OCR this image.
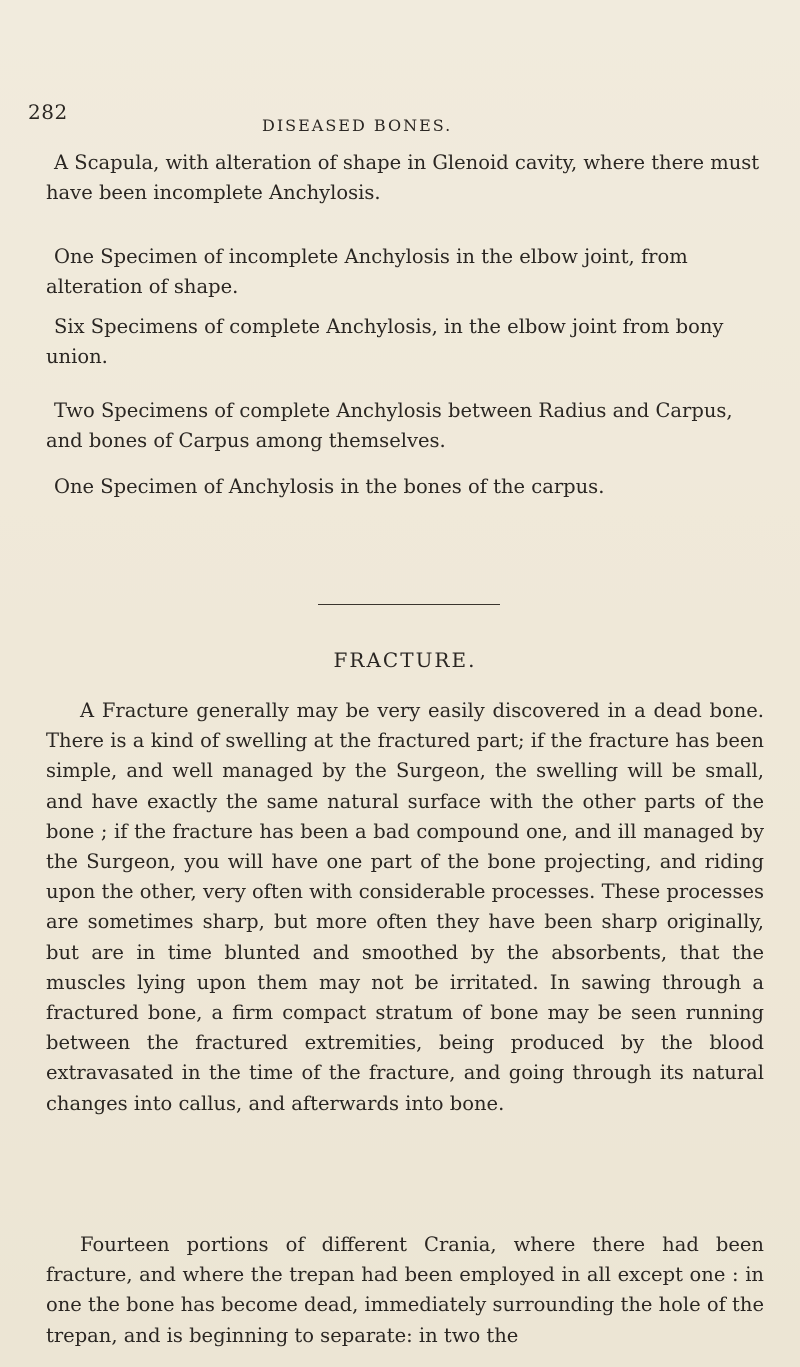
282
DISEASED BONES.

A Scapula, with alteration of shape in Glenoid cavity, where there must have been incomplete Anchylosis.

One Specimen of incomplete Anchylosis in the elbow joint, from alteration of shape.

Six Specimens of complete Anchylosis, in the elbow joint from bony union.

Two Specimens of complete Anchylosis between Radius and Carpus, and bones of Carpus among themselves.

One Specimen of Anchylosis in the bones of the carpus.

FRACTURE.

A Fracture generally may be very easily discovered in a dead bone. There is a kind of swelling at the fractured part; if the fracture has been simple, and well managed by the Surgeon, the swelling will be small, and have exactly the same natural surface with the other parts of the bone ; if the fracture has been a bad compound one, and ill managed by the Surgeon, you will have one part of the bone projecting, and riding upon the other, very often with considerable processes. These processes are sometimes sharp, but more often they have been sharp originally, but are in time blunted and smoothed by the absorbents, that the muscles lying upon them may not be irritated. In sawing through a fractured bone, a firm compact stratum of bone may be seen running between the fractured extremities, being produced by the blood extravasated in the time of the fracture, and going through its natural changes into callus, and afterwards into bone.

Fourteen portions of different Crania, where there had been fracture, and where the trepan had been employed in all except one : in one the bone has become dead, immediately surrounding the hole of the trepan, and is beginning to separate: in two the
